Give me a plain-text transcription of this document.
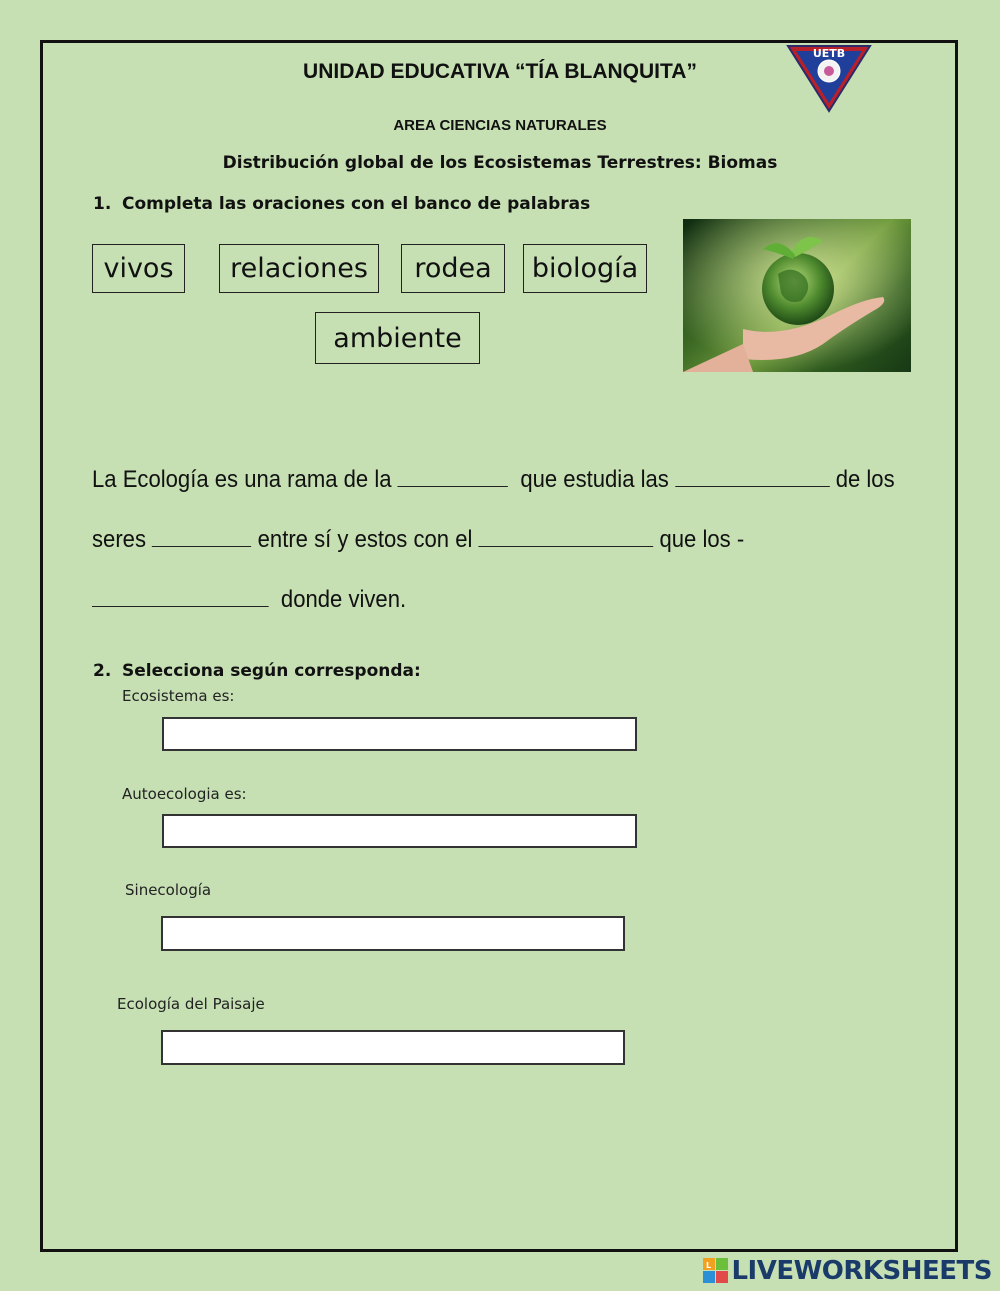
UNIDAD EDUCATIVA “TÍA BLANQUITA”
UETB
AREA CIENCIAS NATURALES
Distribución global de los Ecosistemas Terrestres: Biomas
1. Completa las oraciones con el banco de palabras
vivos	relaciones	rodea	biología
ambiente
La Ecología es una rama de la	que estudia las	de los
seres	entre sí y estos con el	que los -
donde viven.
2. Selecciona según corresponda:
Ecosistema es:
Autoecologia es:
Sinecología
Ecología del Paisaje
L LIVEWORKSHEETS
